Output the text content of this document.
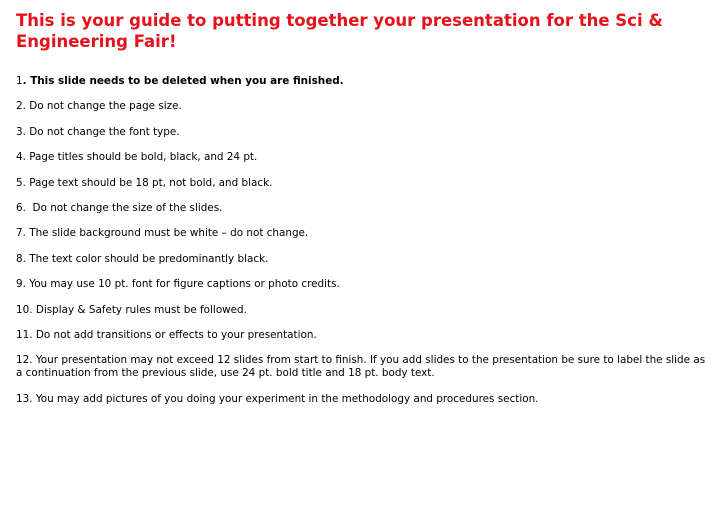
This is your guide to putting together your presentation for the Sci & Engineering Fair!
1. This slide needs to be deleted when you are finished.
2. Do not change the page size.
3. Do not change the font type.
4. Page titles should be bold, black, and 24 pt.
5. Page text should be 18 pt, not bold, and black.
6.  Do not change the size of the slides.
7. The slide background must be white – do not change.
8. The text color should be predominantly black.
9. You may use 10 pt. font for figure captions or photo credits.
10. Display & Safety rules must be followed.
11. Do not add transitions or effects to your presentation.
12. Your presentation may not exceed 12 slides from start to finish. If you add slides to the presentation be sure to label the slide as a continuation from the previous slide, use 24 pt. bold title and 18 pt. body text.
13. You may add pictures of you doing your experiment in the methodology and procedures section.
